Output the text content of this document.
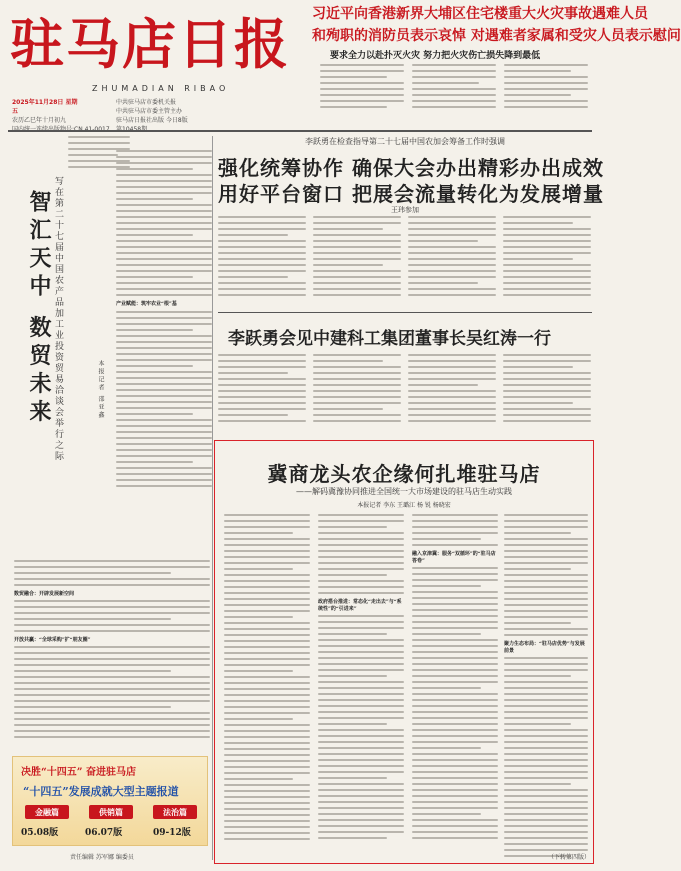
驻马店日报
ZHUMADIAN RIBAO
2025年11月28日 星期五
农历乙巳年十月初九
中共驻马店市委机关报
中共驻马店市委主管主办
驻马店日报社出版 今日8版
习近平向香港新界大埔区住宅楼重大火灾事故遇难人员
和殉职的消防员表示哀悼 对遇难者家属和受灾人员表示慰问
要求全力以赴扑灭火灾 努力把火灾伤亡损失降到最低
智汇天中 数贸未来 写在第二十七届中国农产品加工业投资贸易洽谈会举行之际	本报记者 邵亚鑫
产业赋能：筑牢农业“根”基
数贸融合：开辟发展新空间
开放共赢：“全球采购”扩“朋友圈”
决胜“十四五” 奋进驻马店
“十四五”发展成就大型主题报道
金融篇	供销篇	法治篇
05.08版	06.07版	09-12版
责任编辑 苏军娜 编委员
李跃勇在检查指导第二十七届中国农加会筹备工作时强调
强化统筹协作 确保大会办出精彩办出成效
用好平台窗口 把展会流量转化为发展增量
王玮参加
李跃勇会见中建科工集团董事长吴红涛一行
冀商龙头农企缘何扎堆驻马店
——解码冀豫协同推进全国统一大市场建设的驻马店生动实践
本报记者 李东 王璐江 杨 锐 杨晓宏
政府搭台推进：常态化“走出去”与“系统性”的“引进来”
融入京津冀：服务“双循环”的“驻马店答卷”
聚力生态布局：“驻马店优势”与发展前景
（下转第四版）
